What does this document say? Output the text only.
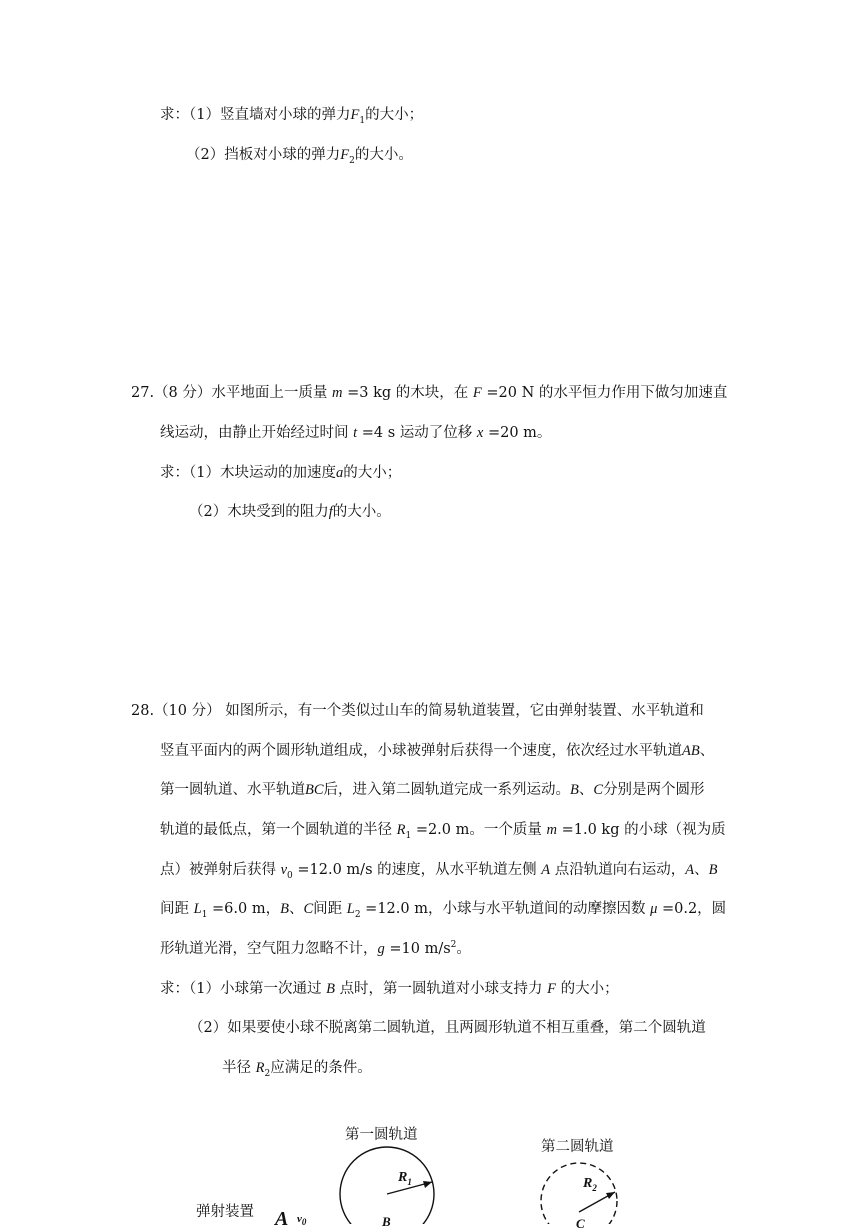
求：（1）竖直墙对小球的弹力$F_1$的大小；
（2）挡板对小球的弹力$F_2$的大小。
27.（8 分）水平地面上一质量 m =3 kg 的木块，在 F =20 N 的水平恒力作用下做匀加速直
线运动，由静止开始经过时间 t =4 s 运动了位移 x =20 m。
求：（1）木块运动的加速度a的大小；
（2）木块受到的阻力f的大小。
28.（10 分） 如图所示，有一个类似过山车的简易轨道装置，它由弹射装置、水平轨道和
竖直平面内的两个圆形轨道组成，小球被弹射后获得一个速度，依次经过水平轨道AB、
第一圆轨道、水平轨道BC后，进入第二圆轨道完成一系列运动。B、C分别是两个圆形
轨道的最低点，第一个圆轨道的半径 $R_1 =2.0$ m。一个质量 m =1.0 kg 的小球（视为质
点）被弹射后获得 $v_0 =12.0$ m/s 的速度，从水平轨道左侧 A 点沿轨道向右运动，A、B
间距 $L_1 =6.0$ m，B、C间距 $L_2 =12.0$ m，小球与水平轨道间的动摩擦因数 μ =0.2，圆
形轨道光滑，空气阻力忽略不计，g =10 $m/s^2$。
求：（1）小球第一次通过 B 点时，第一圆轨道对小球支持力 F 的大小；
（2）如果要使小球不脱离第二圆轨道，且两圆形轨道不相互重叠，第二个圆轨道
半径 $R_2$应满足的条件。
第一圆轨道
第二圆轨道
弹射装置
$R_1$	$R_2$
A $v_0$	B	C
